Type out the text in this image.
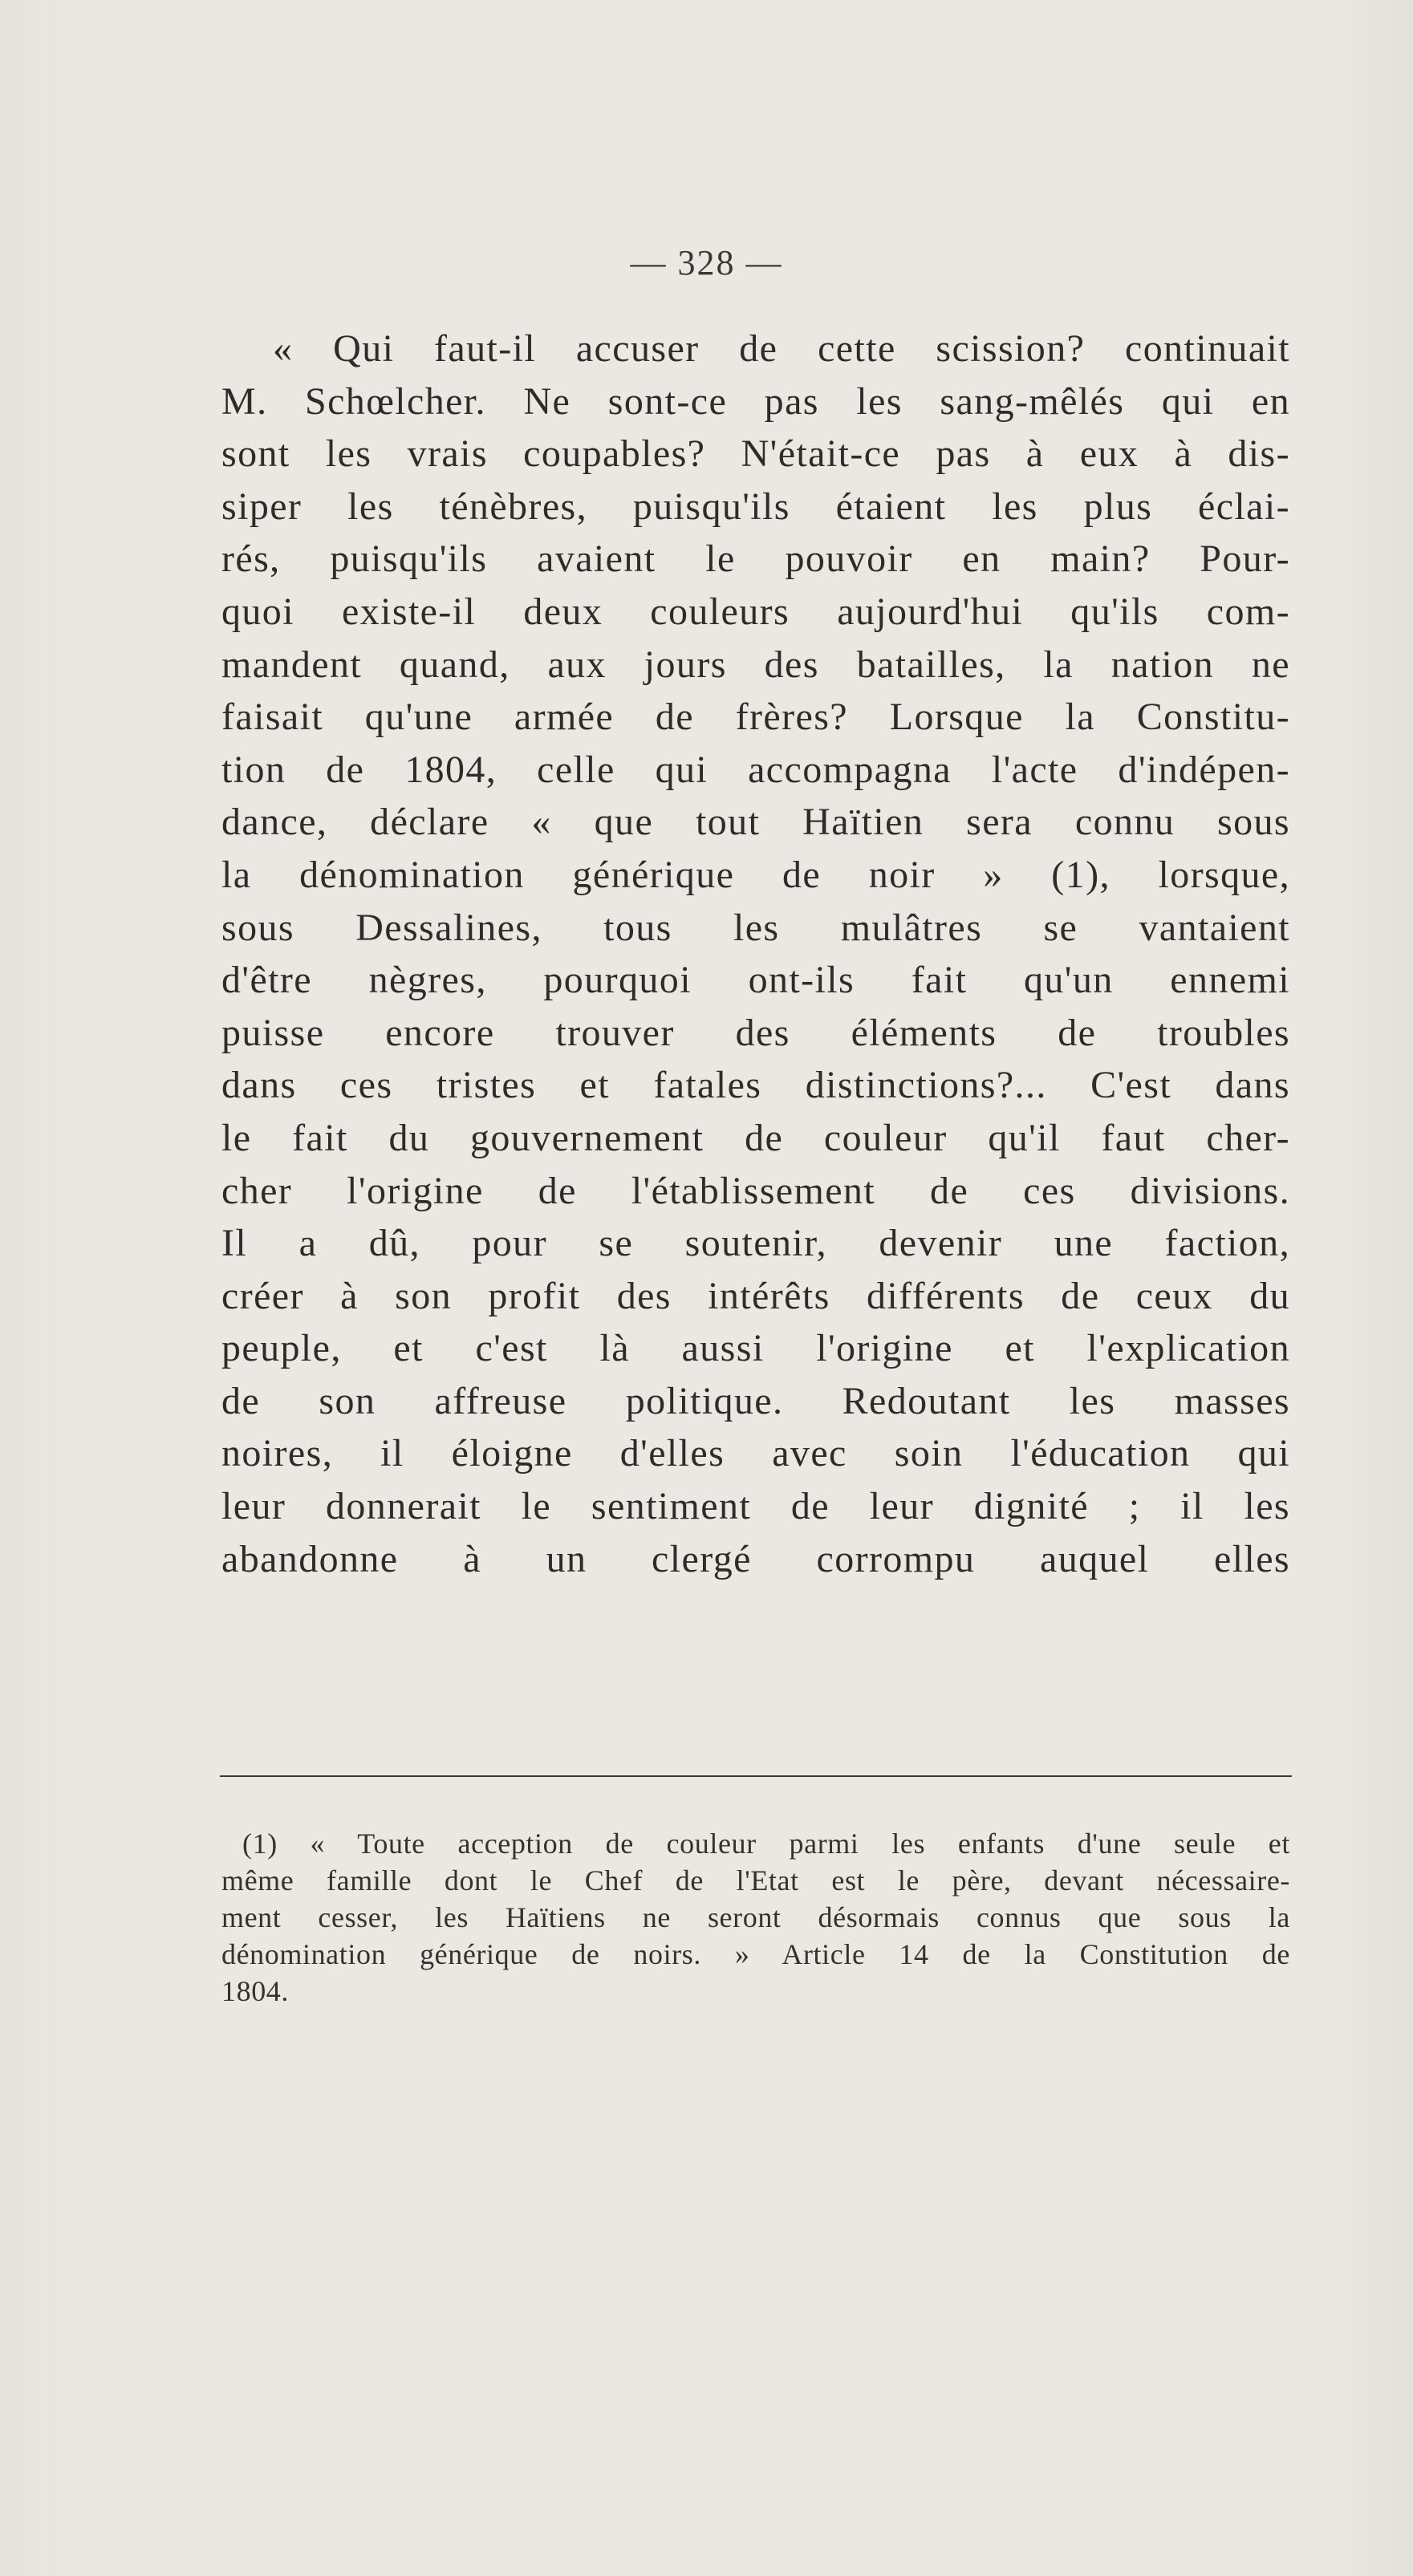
— 328 —
« Qui faut-il accuser de cette scission? continuait
M. Schœlcher. Ne sont-ce pas les sang-mêlés qui en
sont les vrais coupables? N'était-ce pas à eux à dis-
siper les ténèbres, puisqu'ils étaient les plus éclai-
rés, puisqu'ils avaient le pouvoir en main? Pour-
quoi existe-il deux couleurs aujourd'hui qu'ils com-
mandent quand, aux jours des batailles, la nation ne
faisait qu'une armée de frères? Lorsque la Constitu-
tion de 1804, celle qui accompagna l'acte d'indépen-
dance, déclare « que tout Haïtien sera connu sous
la dénomination générique de noir » (1), lorsque,
sous Dessalines, tous les mulâtres se vantaient
d'être nègres, pourquoi ont-ils fait qu'un ennemi
puisse encore trouver des éléments de troubles
dans ces tristes et fatales distinctions?... C'est dans
le fait du gouvernement de couleur qu'il faut cher-
cher l'origine de l'établissement de ces divisions.
Il a dû, pour se soutenir, devenir une faction,
créer à son profit des intérêts différents de ceux du
peuple, et c'est là aussi l'origine et l'explication
de son affreuse politique. Redoutant les masses
noires, il éloigne d'elles avec soin l'éducation qui
leur donnerait le sentiment de leur dignité ; il les
abandonne à un clergé corrompu auquel elles
(1) « Toute acception de couleur parmi les enfants d'une seule et
même famille dont le Chef de l'Etat est le père, devant nécessaire-
ment cesser, les Haïtiens ne seront désormais connus que sous la
dénomination générique de noirs. » Article 14 de la Constitution de
1804.
